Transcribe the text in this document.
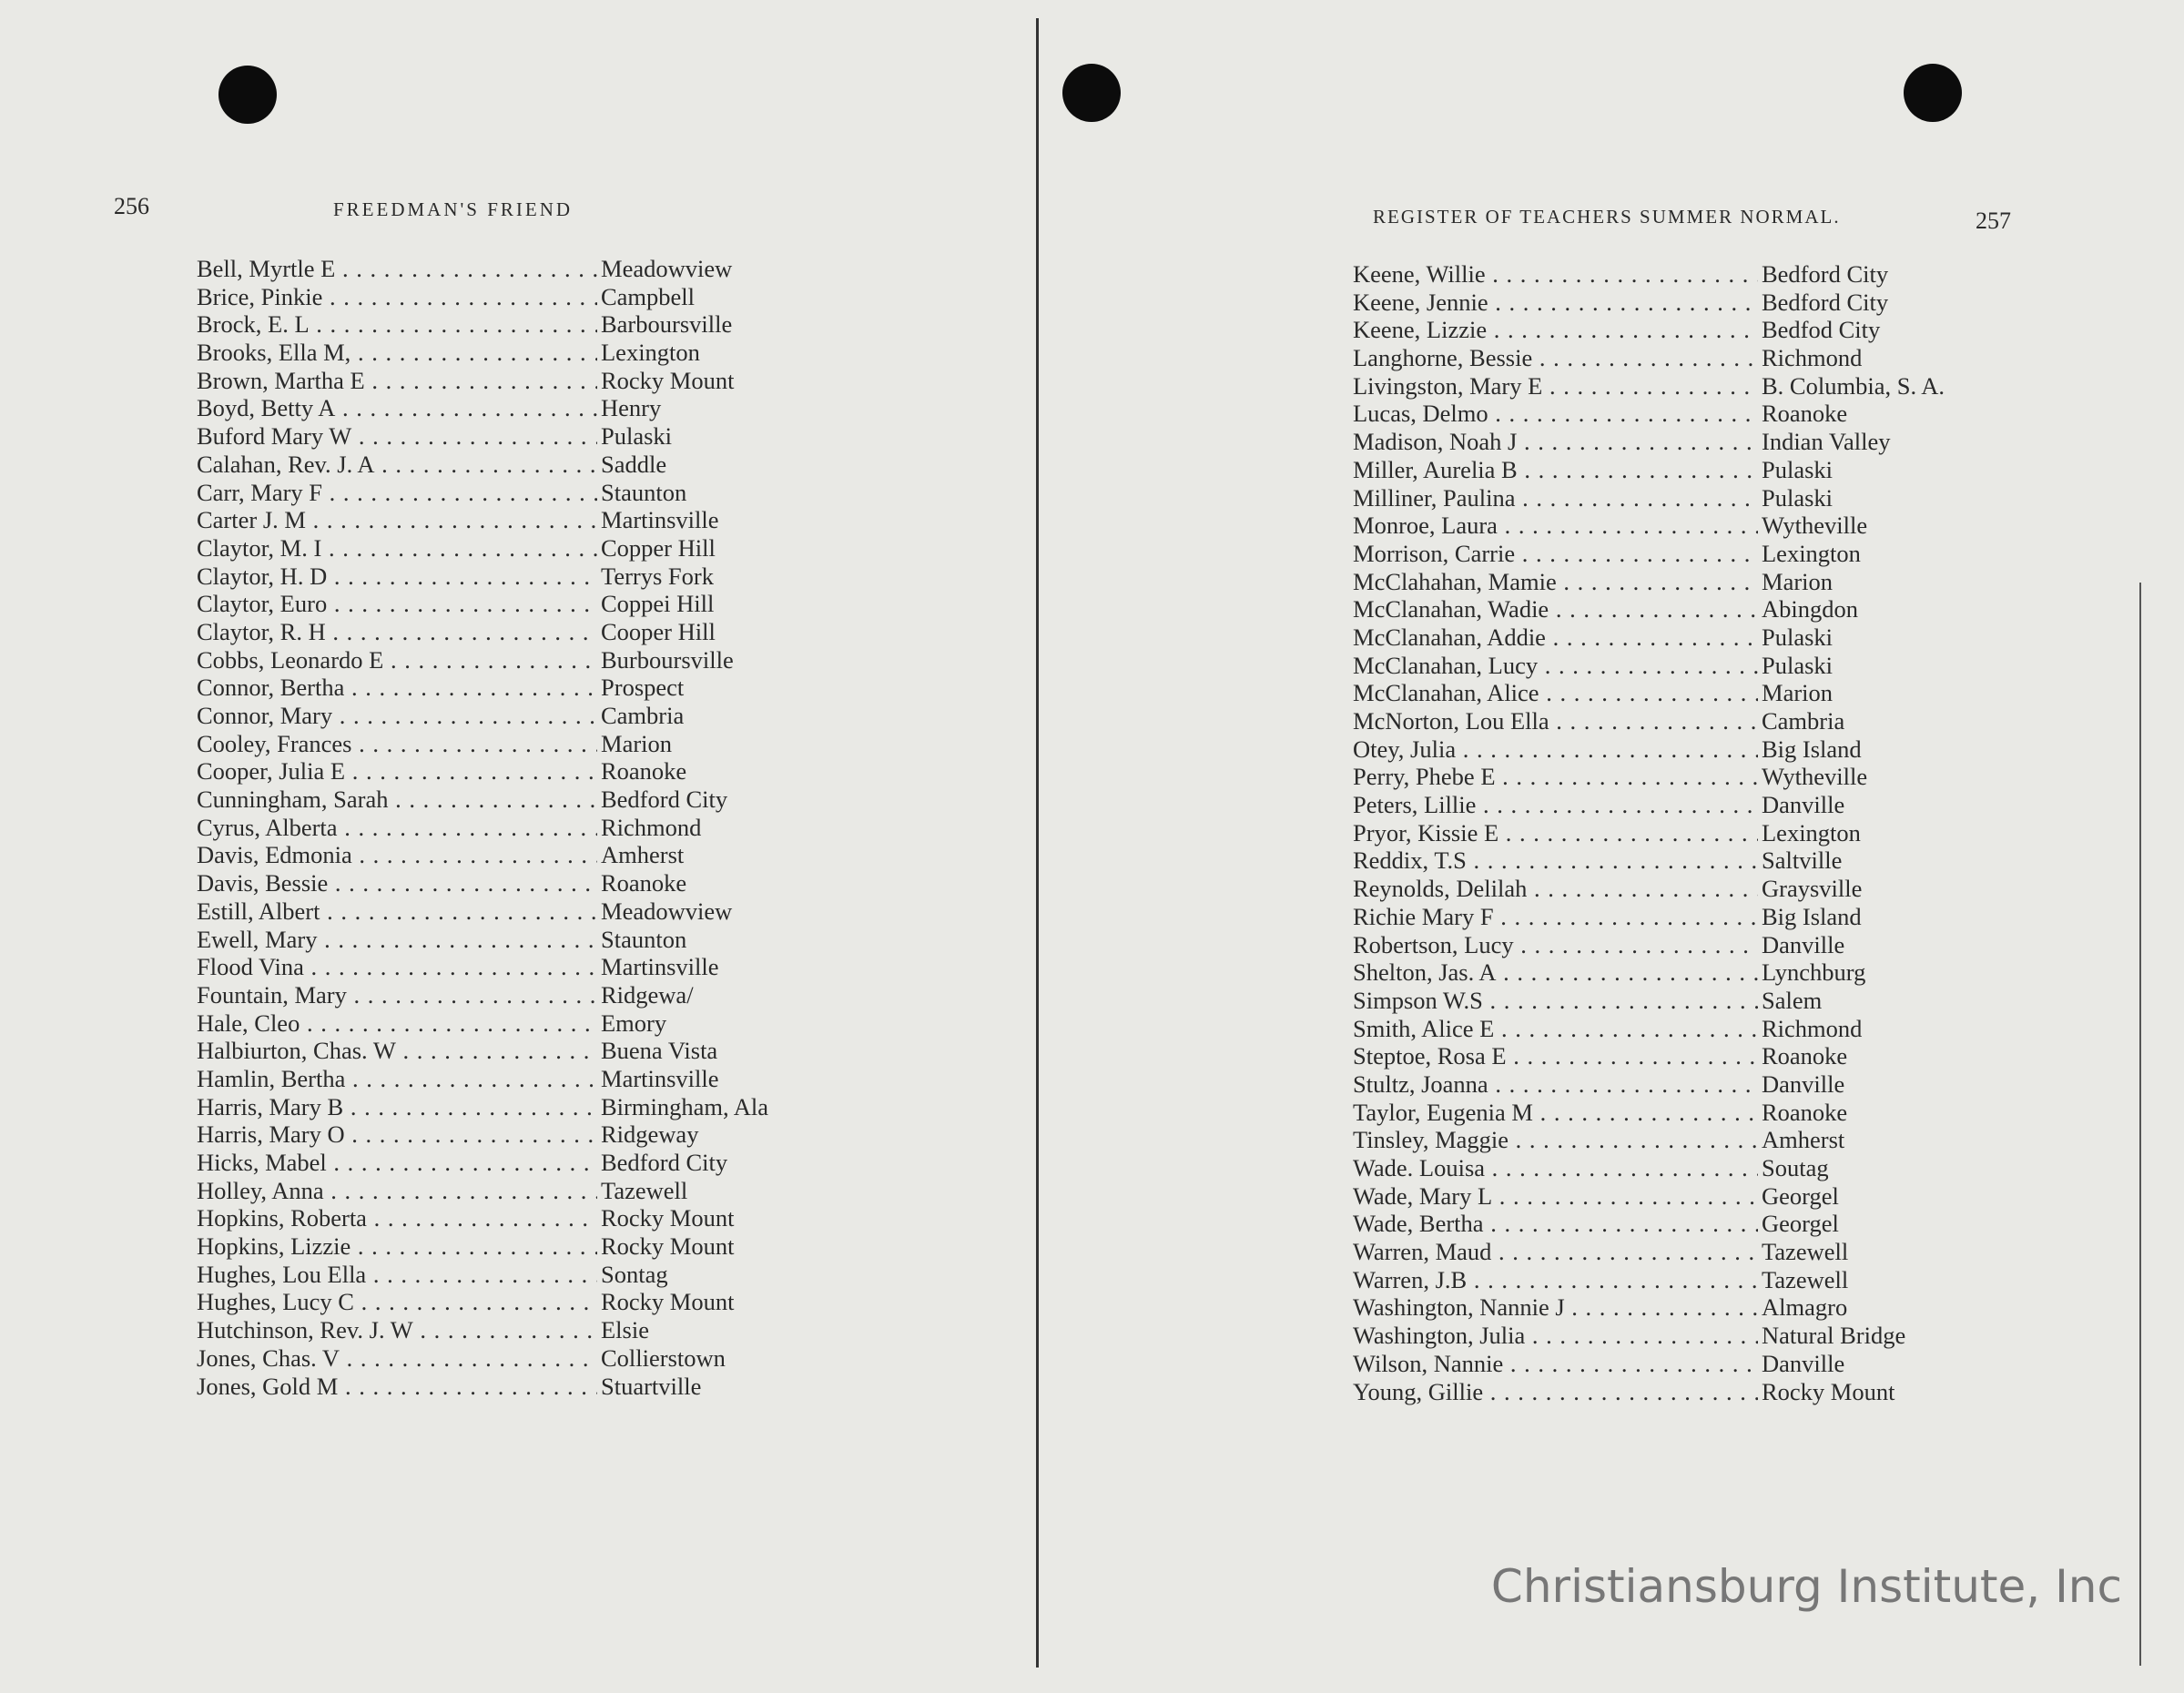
256	FREEDMAN'S FRIEND
Bell, Myrtle E . . .	Meadowview
Brice, Pinkie . . .	Campbell
Brock, E. L . . .	Barboursville
Brooks, Ella M, . . .	Lexington
Brown, Martha E . . .	Rocky Mount
Boyd, Betty A . . .	Henry
Buford Mary W . . .	Pulaski
Calahan, Rev. J. A . . .	Saddle
Carr, Mary F . . .	Staunton
Carter J. M . . .	Martinsville
Claytor, M. I . . .	Copper Hill
Claytor, H. D . . .	Terrys Fork
Claytor, Euro . . .	Coppei Hill
Claytor, R. H . . .	Cooper Hill
Cobbs, Leonardo E . . .	Burboursville
Connor, Bertha . . .	Prospect
Connor, Mary . . .	Cambria
Cooley, Frances . . .	Marion
Cooper, Julia E . . .	Roanoke
Cunningham, Sarah . . .	Bedford City
Cyrus, Alberta . . .	Richmond
Davis, Edmonia . . .	Amherst
Davis, Bessie . . .	Roanoke
Estill, Albert . . .	Meadowview
Ewell, Mary . . .	Staunton
Flood Vina . . .	Martinsville
Fountain, Mary . . .	Ridgewa/
Hale, Cleo . . .	Emory
Halbiurton, Chas. W . . .	Buena Vista
Hamlin, Bertha . . .	Martinsville
Harris, Mary B . . .	Birmingham, Ala
Harris, Mary O . . .	Ridgeway
Hicks, Mabel . . .	Bedford City
Holley, Anna . . .	Tazewell
Hopkins, Roberta . . .	Rocky Mount
Hopkins, Lizzie . . .	Rocky Mount
Hughes, Lou Ella . . .	Sontag
Hughes, Lucy C . . .	Rocky Mount
Hutchinson, Rev. J. W . . .	Elsie
Jones, Chas. V . . .	Collierstown
Jones, Gold M . . .	Stuartville
REGISTER OF TEACHERS SUMMER NORMAL.	257
Keene, Willie . . .	Bedford City
Keene, Jennie . . .	Bedford City
Keene, Lizzie . . .	Bedfod City
Langhorne, Bessie . . .	Richmond
Livingston, Mary E . . .	B. Columbia, S. A.
Lucas, Delmo . . .	Roanoke
Madison, Noah J . . .	Indian Valley
Miller, Aurelia B . . .	Pulaski
Milliner, Paulina . . .	Pulaski
Monroe, Laura . . .	Wytheville
Morrison, Carrie . . .	Lexington
McClahahan, Mamie . . .	Marion
McClanahan, Wadie . . .	Abingdon
McClanahan, Addie . . .	Pulaski
McClanahan, Lucy . . .	Pulaski
McClanahan, Alice . . .	Marion
McNorton, Lou Ella . . .	Cambria
Otey, Julia . . .	Big Island
Perry, Phebe E . . .	Wytheville
Peters, Lillie . . .	Danville
Pryor, Kissie E . . .	Lexington
Reddix, T.S . . .	Saltville
Reynolds, Delilah . . .	Graysville
Richie Mary F . . .	Big Island
Robertson, Lucy . . .	Danville
Shelton, Jas. A . . .	Lynchburg
Simpson W.S . . .	Salem
Smith, Alice E . . .	Richmond
Steptoe, Rosa E . . .	Roanoke
Stultz, Joanna . . .	Danville
Taylor, Eugenia M . . .	Roanoke
Tinsley, Maggie . . .	Amherst
Wade. Louisa . . .	Soutag
Wade, Mary L . . .	Georgel
Wade, Bertha . . .	Georgel
Warren, Maud . . .	Tazewell
Warren, J.B . . .	Tazewell
Washington, Nannie J . . .	Almagro
Washington, Julia . . .	Natural Bridge
Wilson, Nannie . . .	Danville
Young, Gillie . . .	Rocky Mount
Christiansburg Institute, Inc
